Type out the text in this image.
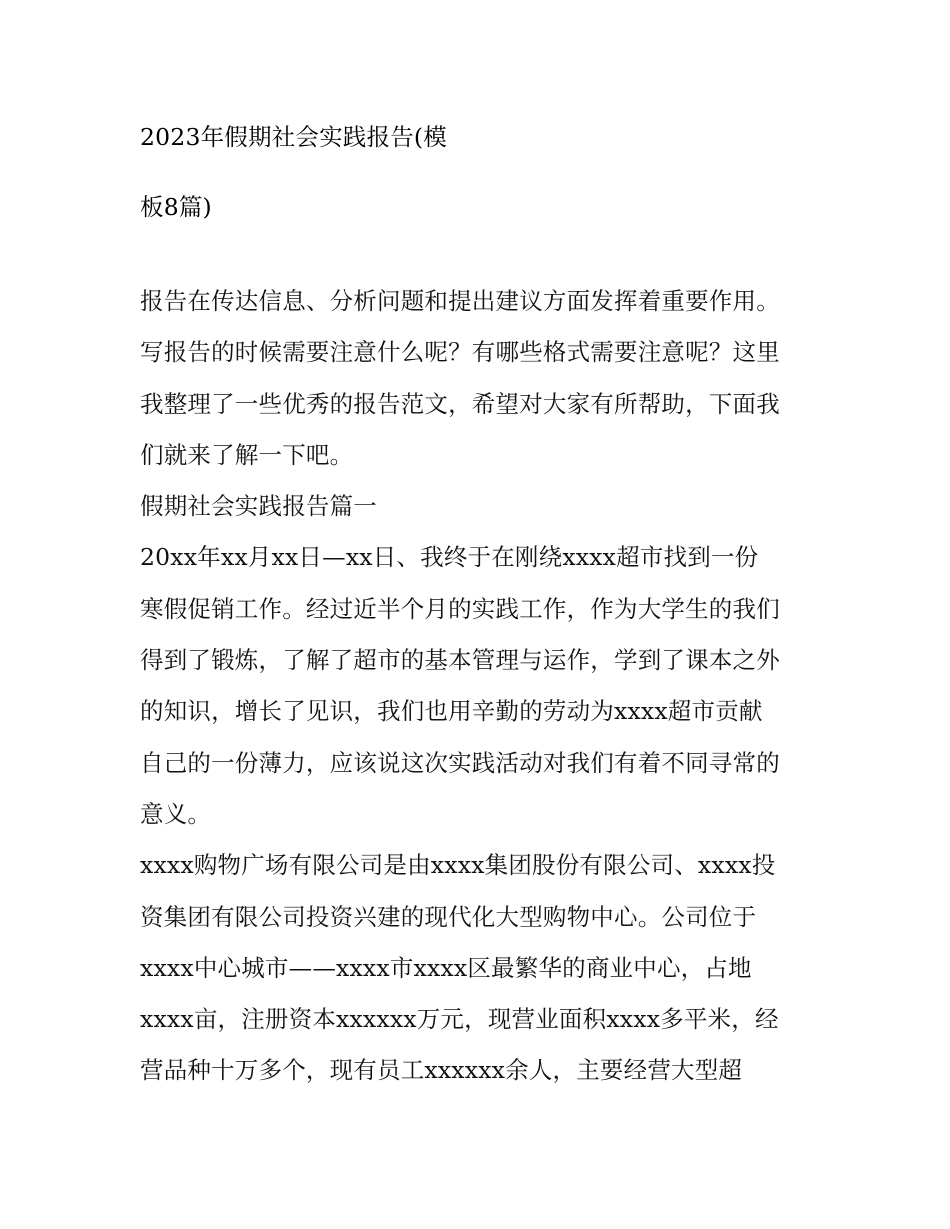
2023年假期社会实践报告(模
板8篇)
报告在传达信息、分析问题和提出建议方面发挥着重要作用。
写报告的时候需要注意什么呢？有哪些格式需要注意呢？这里
我整理了一些优秀的报告范文，希望对大家有所帮助，下面我
们就来了解一下吧。
假期社会实践报告篇一
20xx年xx月xx日—xx日、我终于在刚绕xxxx超市找到一份
寒假促销工作。经过近半个月的实践工作，作为大学生的我们
得到了锻炼，了解了超市的基本管理与运作，学到了课本之外
的知识，增长了见识，我们也用辛勤的劳动为xxxx超市贡献
自己的一份薄力，应该说这次实践活动对我们有着不同寻常的
意义。
xxxx购物广场有限公司是由xxxx集团股份有限公司、xxxx投
资集团有限公司投资兴建的现代化大型购物中心。公司位于
xxxx中心城市——xxxx市xxxx区最繁华的商业中心，占地
xxxx亩，注册资本xxxxxx万元，现营业面积xxxx多平米，经
营品种十万多个，现有员工xxxxxx余人，主要经营大型超
